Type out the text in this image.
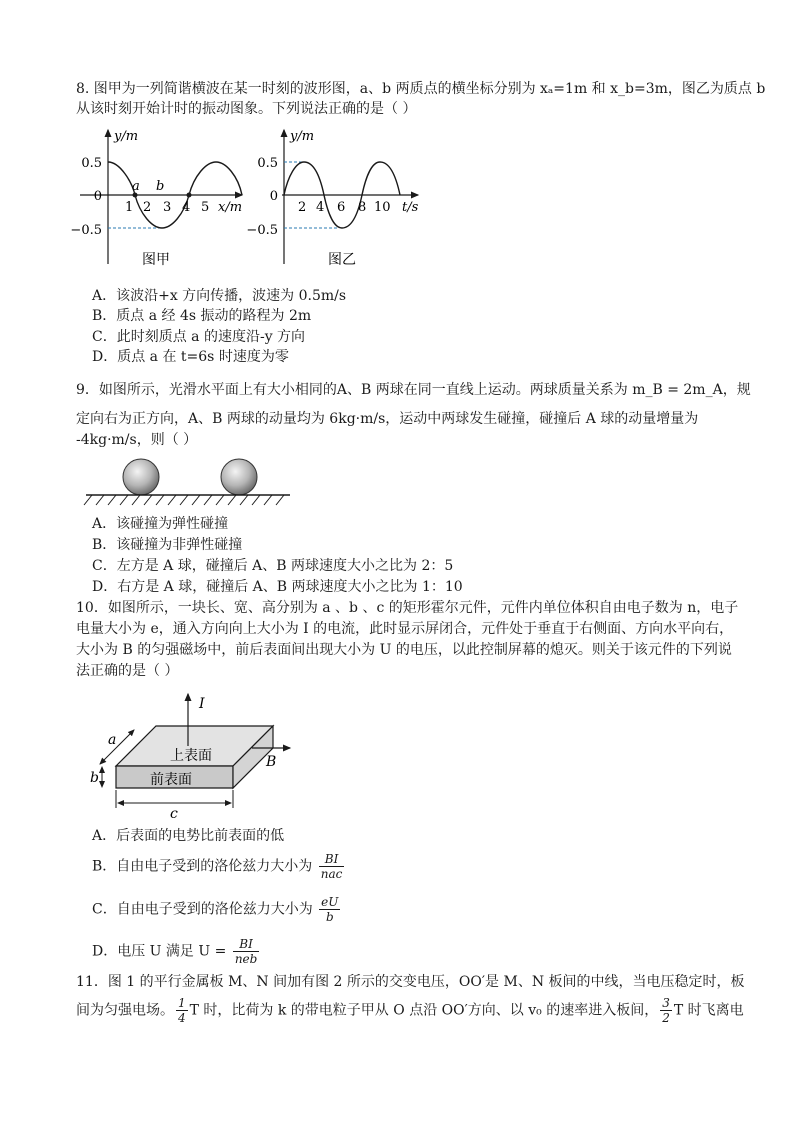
8. 图甲为一列简谐横波在某一时刻的波形图，a、b 两质点的横坐标分别为 xₐ=1m 和 x_b=3m，图乙为质点 b
从该时刻开始计时的振动图象。下列说法正确的是（ ）
y/m
0.5
0
−0.5
a b
1 2 3 4 5 x/m
图甲
y/m
0.5
0
−0.5
2 4 6 8 10 t/s
图乙
A．该波沿+x 方向传播，波速为 0.5m/s
B．质点 a 经 4s 振动的路程为 2m
C．此时刻质点 a 的速度沿-y 方向
D．质点 a 在 t=6s 时速度为零
9．如图所示，光滑水平面上有大小相同的A、B 两球在同一直线上运动。两球质量关系为 m_B = 2m_A，规
定向右为正方向，A、B 两球的动量均为 6kg·m/s，运动中两球发生碰撞，碰撞后 A 球的动量增量为
-4kg·m/s，则（ ）
A．该碰撞为弹性碰撞
B．该碰撞为非弹性碰撞
C．左方是 A 球，碰撞后 A、B 两球速度大小之比为 2：5
D．右方是 A 球，碰撞后 A、B 两球速度大小之比为 1：10
10．如图所示，一块长、宽、高分别为 a 、b 、c 的矩形霍尔元件，元件内单位体积自由电子数为 n，电子
电量大小为 e，通入方向向上大小为 I 的电流，此时显示屏闭合，元件处于垂直于右侧面、方向水平向右，
大小为 B 的匀强磁场中，前后表面间出现大小为 U 的电压，以此控制屏幕的熄灭。则关于该元件的下列说
法正确的是（ ）
I
B
上表面
前表面
a
b
c
A．后表面的电势比前表面的低
B．自由电子受到的洛伦兹力大小为 $\frac{BI}{\text{nac}}$
C．自由电子受到的洛伦兹力大小为 $\frac{eU}{b}$
D．电压 U 满足 $U = \frac{BI}{\text{neb}}$
11．图 1 的平行金属板 M、N 间加有图 2 所示的交变电压，OO′是 M、N 板间的中线，当电压稳定时，板
间为匀强电场。 $\frac{1}{4}$ T 时，比荷为 k 的带电粒子甲从 O 点沿 OO′方向、以 v₀ 的速率进入板间， $\frac{3}{2}$ T 时飞离电
